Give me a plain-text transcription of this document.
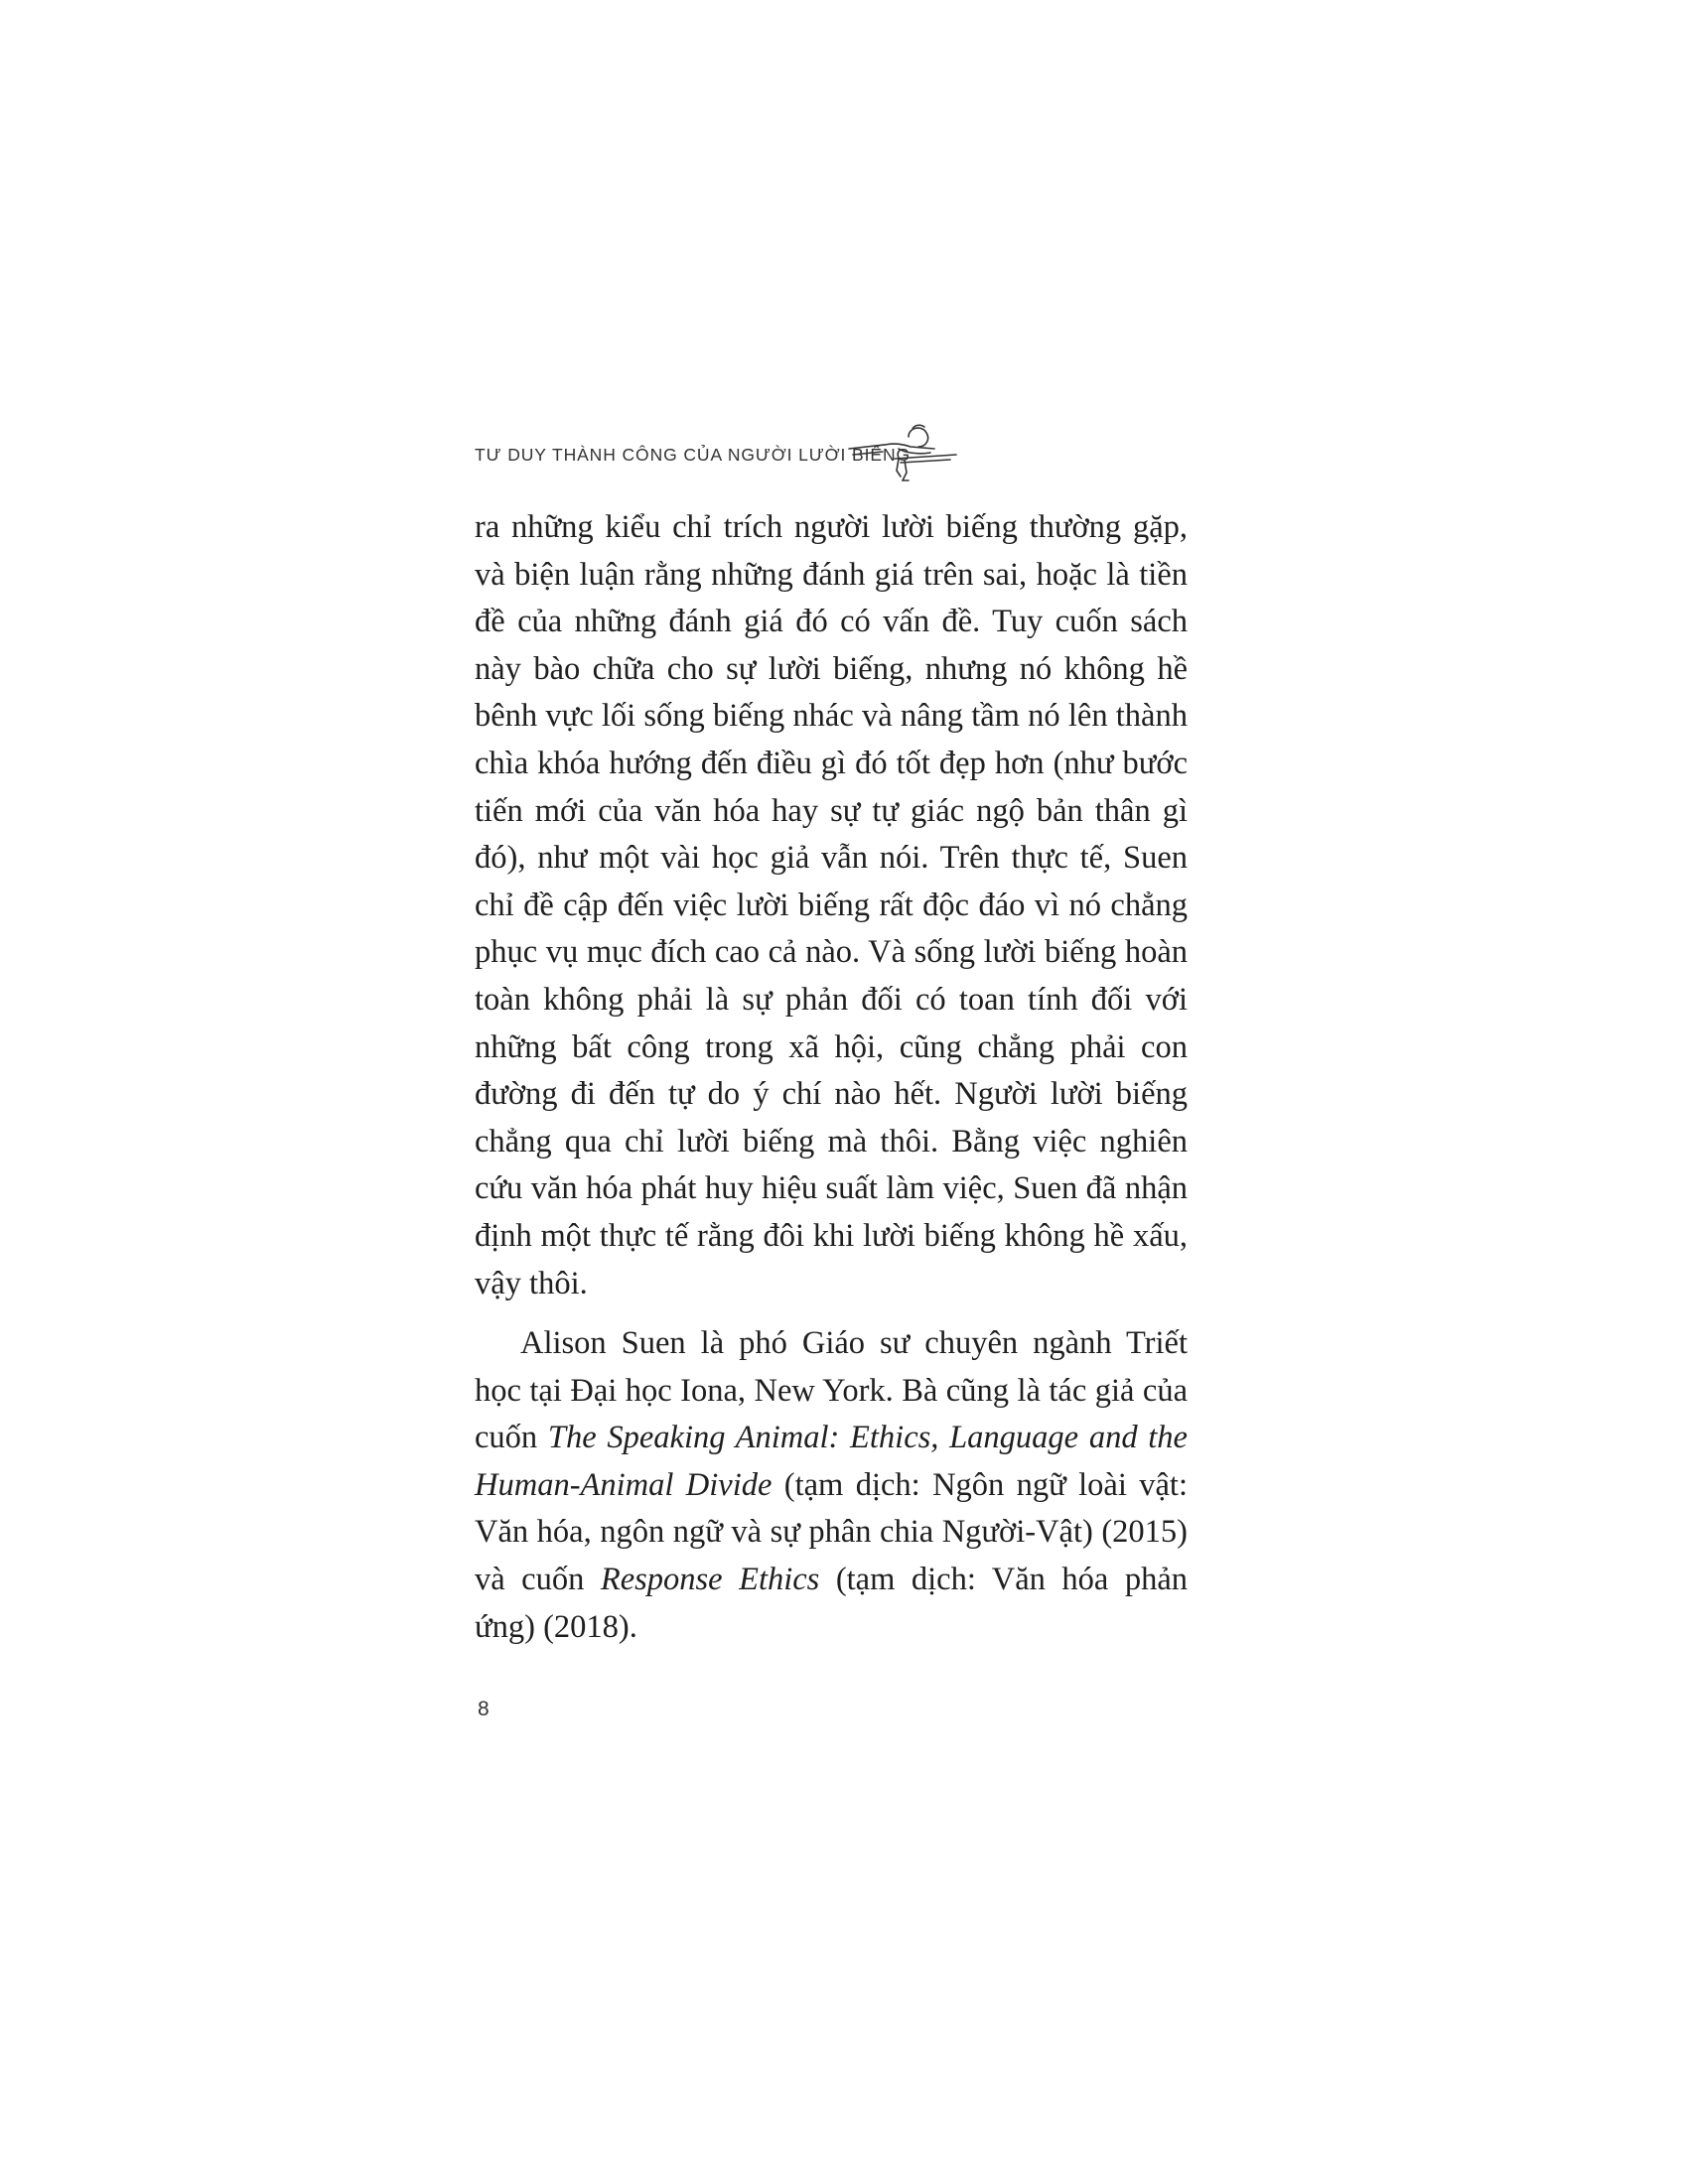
TƯ DUY THÀNH CÔNG CỦA NGƯỜI LƯỜI BIẾNG

ra những kiểu chỉ trích người lười biếng thường gặp, và biện luận rằng những đánh giá trên sai, hoặc là tiền đề của những đánh giá đó có vấn đề. Tuy cuốn sách này bào chữa cho sự lười biếng, nhưng nó không hề bênh vực lối sống biếng nhác và nâng tầm nó lên thành chìa khóa hướng đến điều gì đó tốt đẹp hơn (như bước tiến mới của văn hóa hay sự tự giác ngộ bản thân gì đó), như một vài học giả vẫn nói. Trên thực tế, Suen chỉ đề cập đến việc lười biếng rất độc đáo vì nó chẳng phục vụ mục đích cao cả nào. Và sống lười biếng hoàn toàn không phải là sự phản đối có toan tính đối với những bất công trong xã hội, cũng chẳng phải con đường đi đến tự do ý chí nào hết. Người lười biếng chẳng qua chỉ lười biếng mà thôi. Bằng việc nghiên cứu văn hóa phát huy hiệu suất làm việc, Suen đã nhận định một thực tế rằng đôi khi lười biếng không hề xấu, vậy thôi.

Alison Suen là phó Giáo sư chuyên ngành Triết học tại Đại học Iona, New York. Bà cũng là tác giả của cuốn The Speaking Animal: Ethics, Language and the Human-Animal Divide (tạm dịch: Ngôn ngữ loài vật: Văn hóa, ngôn ngữ và sự phân chia Người-Vật) (2015) và cuốn Response Ethics (tạm dịch: Văn hóa phản ứng) (2018).

8
